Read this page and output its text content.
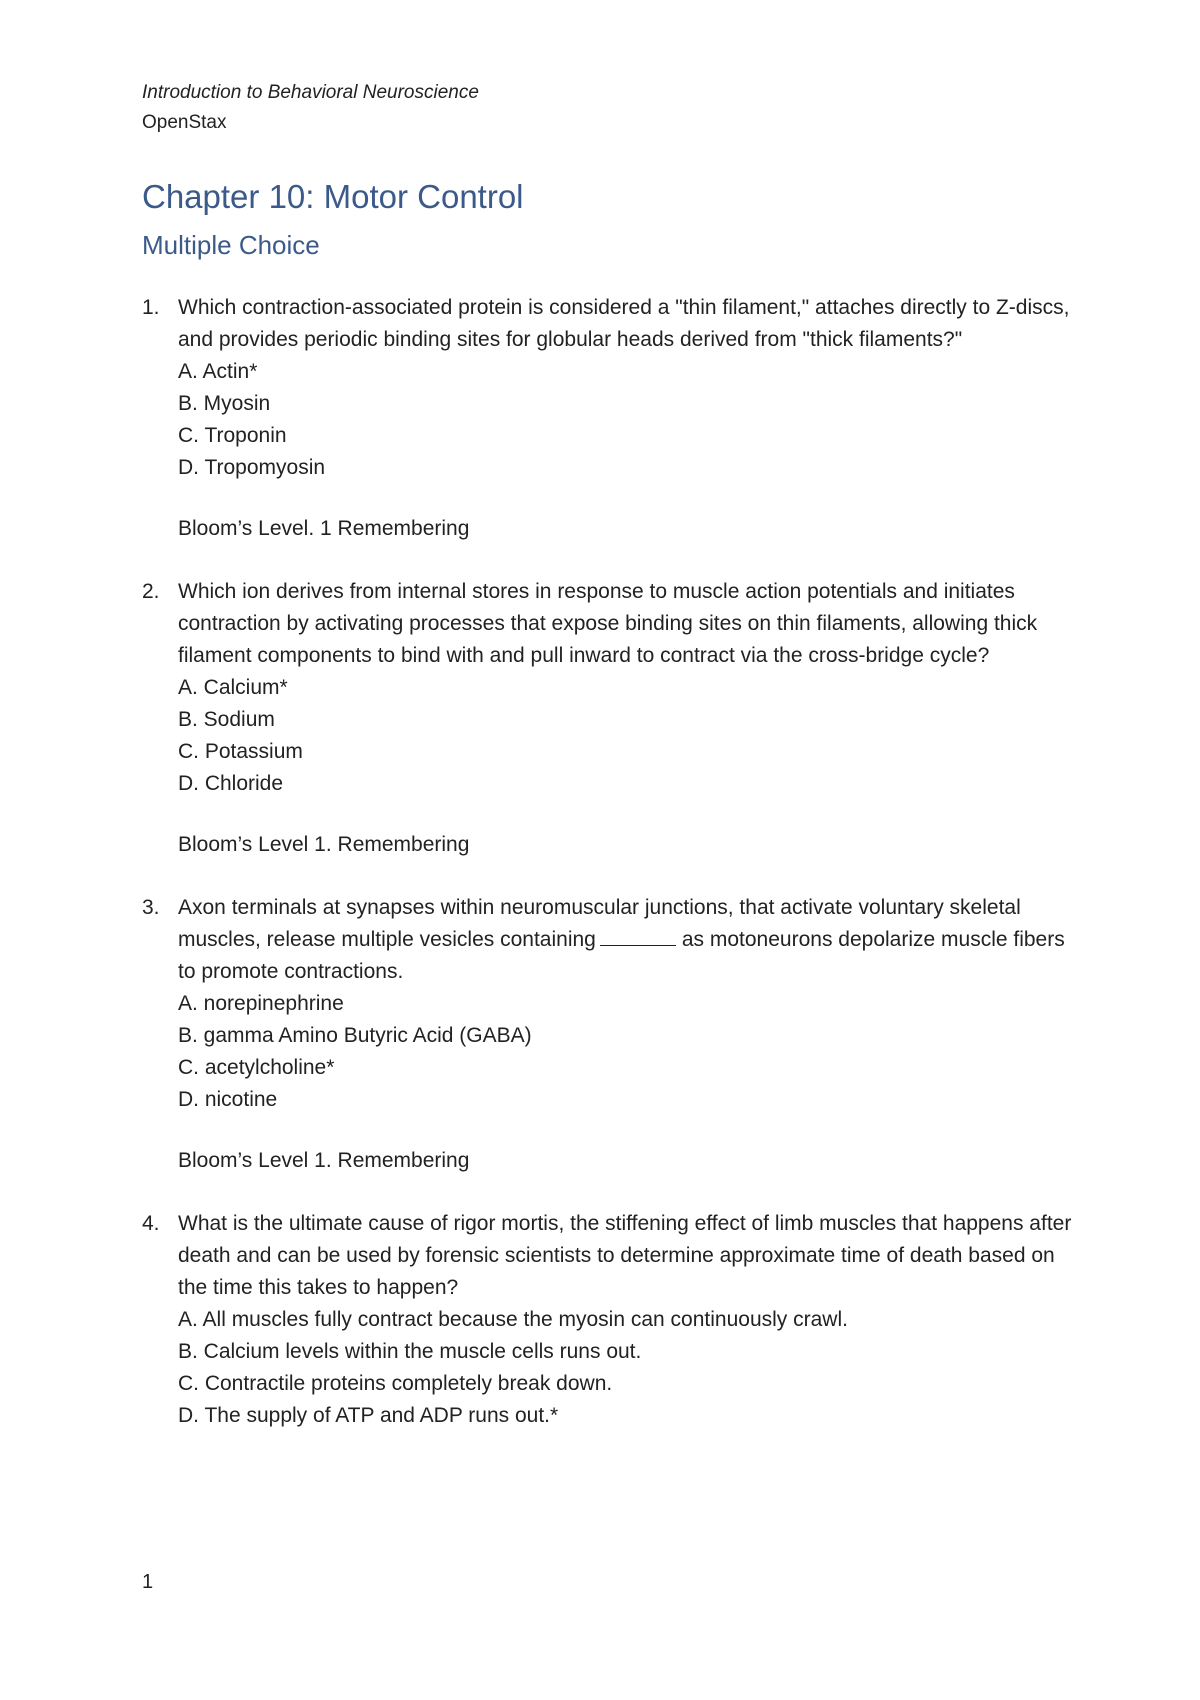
Introduction to Behavioral Neuroscience
OpenStax
Chapter 10: Motor Control
Multiple Choice
1. Which contraction-associated protein is considered a "thin filament," attaches directly to Z-discs, and provides periodic binding sites for globular heads derived from "thick filaments?"
A. Actin*
B. Myosin
C. Troponin
D. Tropomyosin
Bloom’s Level. 1 Remembering
2. Which ion derives from internal stores in response to muscle action potentials and initiates contraction by activating processes that expose binding sites on thin filaments, allowing thick filament components to bind with and pull inward to contract via the cross-bridge cycle?
A. Calcium*
B. Sodium
C. Potassium
D. Chloride
Bloom’s Level 1. Remembering
3. Axon terminals at synapses within neuromuscular junctions, that activate voluntary skeletal muscles, release multiple vesicles containing	as motoneurons depolarize muscle fibers to promote contractions.
A. norepinephrine
B. gamma Amino Butyric Acid (GABA)
C. acetylcholine*
D. nicotine
Bloom’s Level 1. Remembering
4. What is the ultimate cause of rigor mortis, the stiffening effect of limb muscles that happens after death and can be used by forensic scientists to determine approximate time of death based on the time this takes to happen?
A. All muscles fully contract because the myosin can continuously crawl.
B. Calcium levels within the muscle cells runs out.
C. Contractile proteins completely break down.
D. The supply of ATP and ADP runs out.*
1
